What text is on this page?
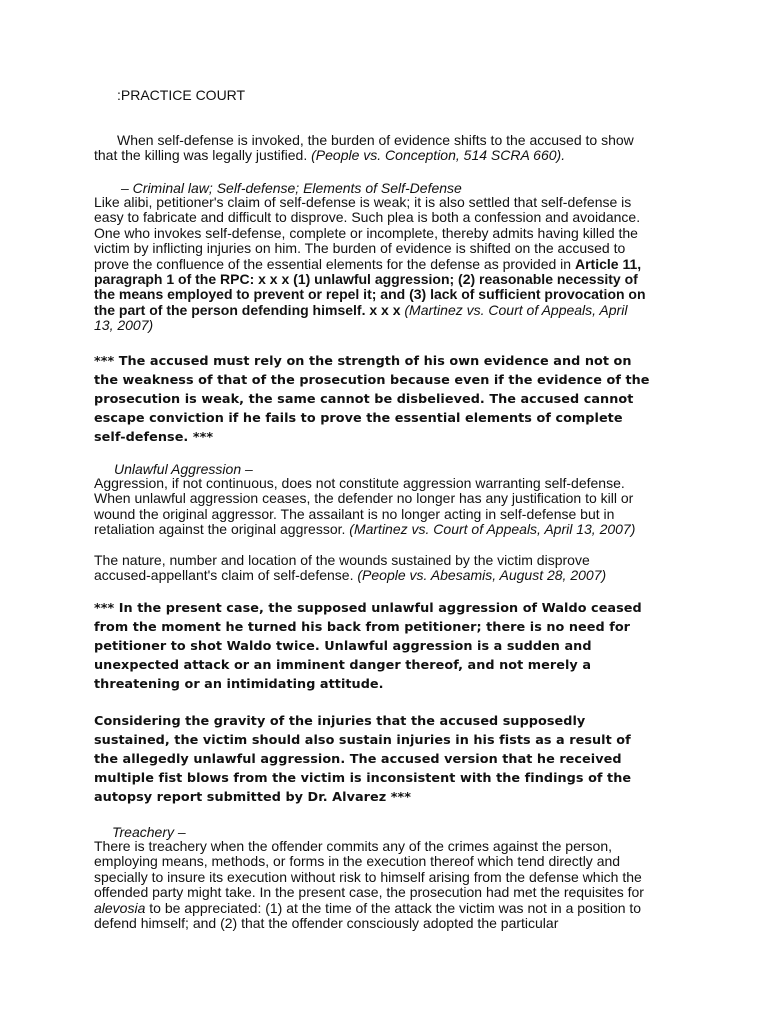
:PRACTICE COURT
When self-defense is invoked, the burden of evidence shifts to the accused to show that the killing was legally justified. (People vs. Conception, 514 SCRA 660).
– Criminal law; Self-defense; Elements of Self-Defense
Like alibi, petitioner's claim of self-defense is weak; it is also settled that self-defense is easy to fabricate and difficult to disprove. Such plea is both a confession and avoidance. One who invokes self-defense, complete or incomplete, thereby admits having killed the victim by inflicting injuries on him. The burden of evidence is shifted on the accused to prove the confluence of the essential elements for the defense as provided in Article 11, paragraph 1 of the RPC: x x x (1) unlawful aggression; (2) reasonable necessity of the means employed to prevent or repel it; and (3) lack of sufficient provocation on the part of the person defending himself. x x x (Martinez vs. Court of Appeals, April 13, 2007)
*** The accused must rely on the strength of his own evidence and not on the weakness of that of the prosecution because even if the evidence of the prosecution is weak, the same cannot be disbelieved. The accused cannot escape conviction if he fails to prove the essential elements of complete self-defense. ***
Unlawful Aggression –
Aggression, if not continuous, does not constitute aggression warranting self-defense. When unlawful aggression ceases, the defender no longer has any justification to kill or wound the original aggressor. The assailant is no longer acting in self-defense but in retaliation against the original aggressor. (Martinez vs. Court of Appeals, April 13, 2007)
The nature, number and location of the wounds sustained by the victim disprove accused-appellant's claim of self-defense. (People vs. Abesamis, August 28, 2007)
*** In the present case, the supposed unlawful aggression of Waldo ceased from the moment he turned his back from petitioner; there is no need for petitioner to shot Waldo twice. Unlawful aggression is a sudden and unexpected attack or an imminent danger thereof, and not merely a threatening or an intimidating attitude.
Considering the gravity of the injuries that the accused supposedly sustained, the victim should also sustain injuries in his fists as a result of the allegedly unlawful aggression. The accused version that he received multiple fist blows from the victim is inconsistent with the findings of the autopsy report submitted by Dr. Alvarez ***
Treachery –
There is treachery when the offender commits any of the crimes against the person, employing means, methods, or forms in the execution thereof which tend directly and specially to insure its execution without risk to himself arising from the defense which the offended party might take. In the present case, the prosecution had met the requisites for alevosia to be appreciated: (1) at the time of the attack the victim was not in a position to defend himself; and (2) that the offender consciously adopted the particular
